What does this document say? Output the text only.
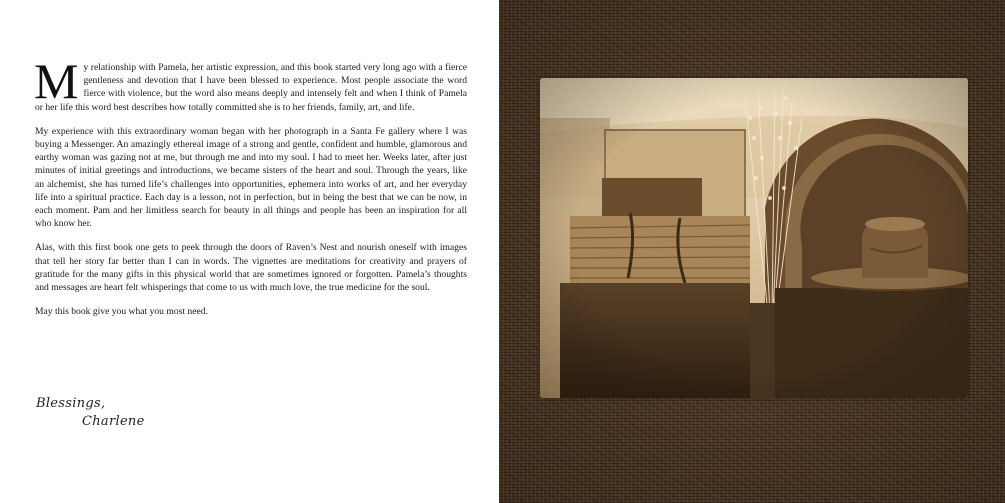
My relationship with Pamela, her artistic expression, and this book started very long ago with a fierce gentleness and devotion that I have been blessed to experience. Most people associate the word fierce with violence, but the word also means deeply and intensely felt and when I think of Pamela or her life this word best describes how totally committed she is to her friends, family, art, and life.

My experience with this extraordinary woman began with her photograph in a Santa Fe gallery where I was buying a Messenger. An amazingly ethereal image of a strong and gentle, confident and humble, glamorous and earthy woman was gazing not at me, but through me and into my soul. I had to meet her. Weeks later, after just minutes of initial greetings and introductions, we became sisters of the heart and soul. Through the years, like an alchemist, she has turned life’s challenges into opportunities, ephemera into works of art, and her everyday life into a spiritual practice. Each day is a lesson, not in perfection, but in being the best that we can be now, in each moment. Pam and her limitless search for beauty in all things and people has been an inspiration for all who know her.

Alas, with this first book one gets to peek through the doors of Raven’s Nest and nourish oneself with images that tell her story far better than I can in words. The vignettes are meditations for creativity and prayers of gratitude for the many gifts in this physical world that are sometimes ignored or forgotten. Pamela’s thoughts and messages are heart felt whisperings that come to us with much love, the true medicine for the soul.

May this book give you what you most need.

Blessings,
Charlene
